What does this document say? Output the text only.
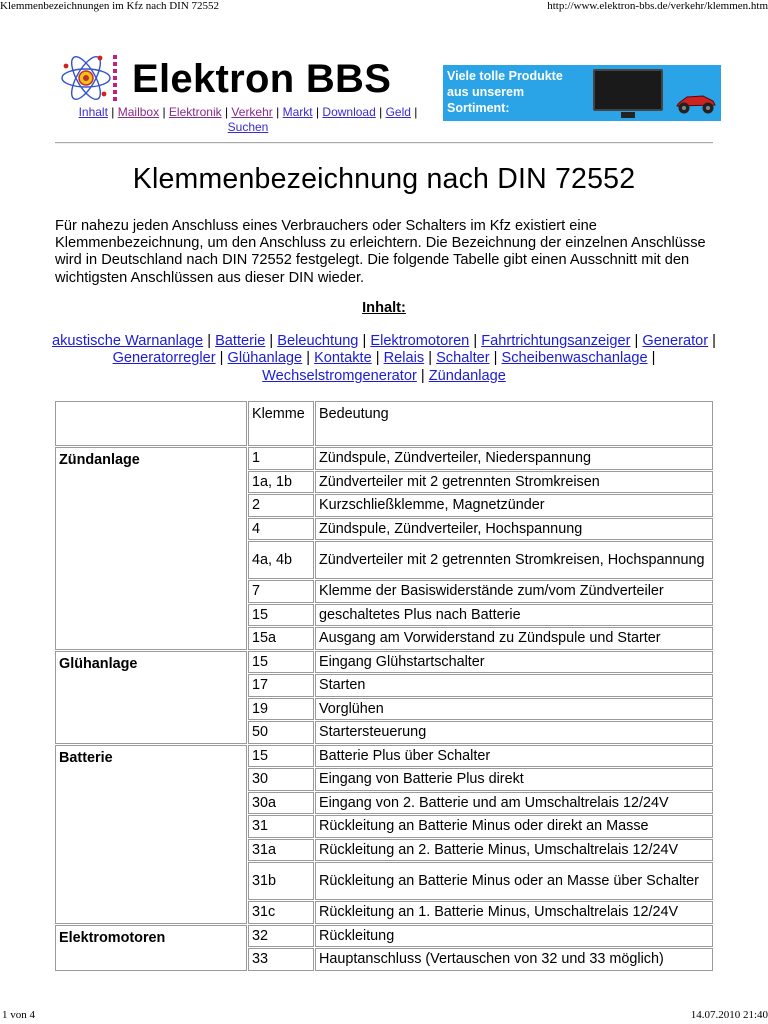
Klemmenbezeichnungen im Kfz nach DIN 72552	http://www.elektron-bbs.de/verkehr/klemmen.htm
Elektron BBS
Inhalt | Mailbox | Elektronik | Verkehr | Markt | Download | Geld | Suchen
Viele tolle Produkte
aus unserem
Sortiment:
Klemmenbezeichnung nach DIN 72552

Für nahezu jeden Anschluss eines Verbrauchers oder Schalters im Kfz existiert eine Klemmenbezeichnung, um den Anschluss zu erleichtern. Die Bezeichnung der einzelnen Anschlüsse wird in Deutschland nach DIN 72552 festgelegt. Die folgende Tabelle gibt einen Ausschnitt mit den wichtigsten Anschlüssen aus dieser DIN wieder.

Inhalt:
akustische Warnanlage | Batterie | Beleuchtung | Elektromotoren | Fahrtrichtungsanzeiger | Generator | Generatorregler | Glühanlage | Kontakte | Relais | Schalter | Scheibenwaschanlage | Wechselstromgenerator | Zündanlage
	Klemme	Bedeutung
Zündanlage	1	Zündspule, Zündverteiler, Niederspannung
	1a, 1b	Zündverteiler mit 2 getrennten Stromkreisen
	2	Kurzschließklemme, Magnetzünder
	4	Zündspule, Zündverteiler, Hochspannung
	4a, 4b	Zündverteiler mit 2 getrennten Stromkreisen, Hochspannung
	7	Klemme der Basiswiderstände zum/vom Zündverteiler
	15	geschaltetes Plus nach Batterie
	15a	Ausgang am Vorwiderstand zu Zündspule und Starter
Glühanlage	15	Eingang Glühstartschalter
	17	Starten
	19	Vorglühen
	50	Startersteuerung
Batterie	15	Batterie Plus über Schalter
	30	Eingang von Batterie Plus direkt
	30a	Eingang von 2. Batterie und am Umschaltrelais 12/24V
	31	Rückleitung an Batterie Minus oder direkt an Masse
	31a	Rückleitung an 2. Batterie Minus, Umschaltrelais 12/24V
	31b	Rückleitung an Batterie Minus oder an Masse über Schalter
	31c	Rückleitung an 1. Batterie Minus, Umschaltrelais 12/24V
Elektromotoren	32	Rückleitung
	33	Hauptanschluss (Vertauschen von 32 und 33 möglich)
1 von 4	14.07.2010 21:40
